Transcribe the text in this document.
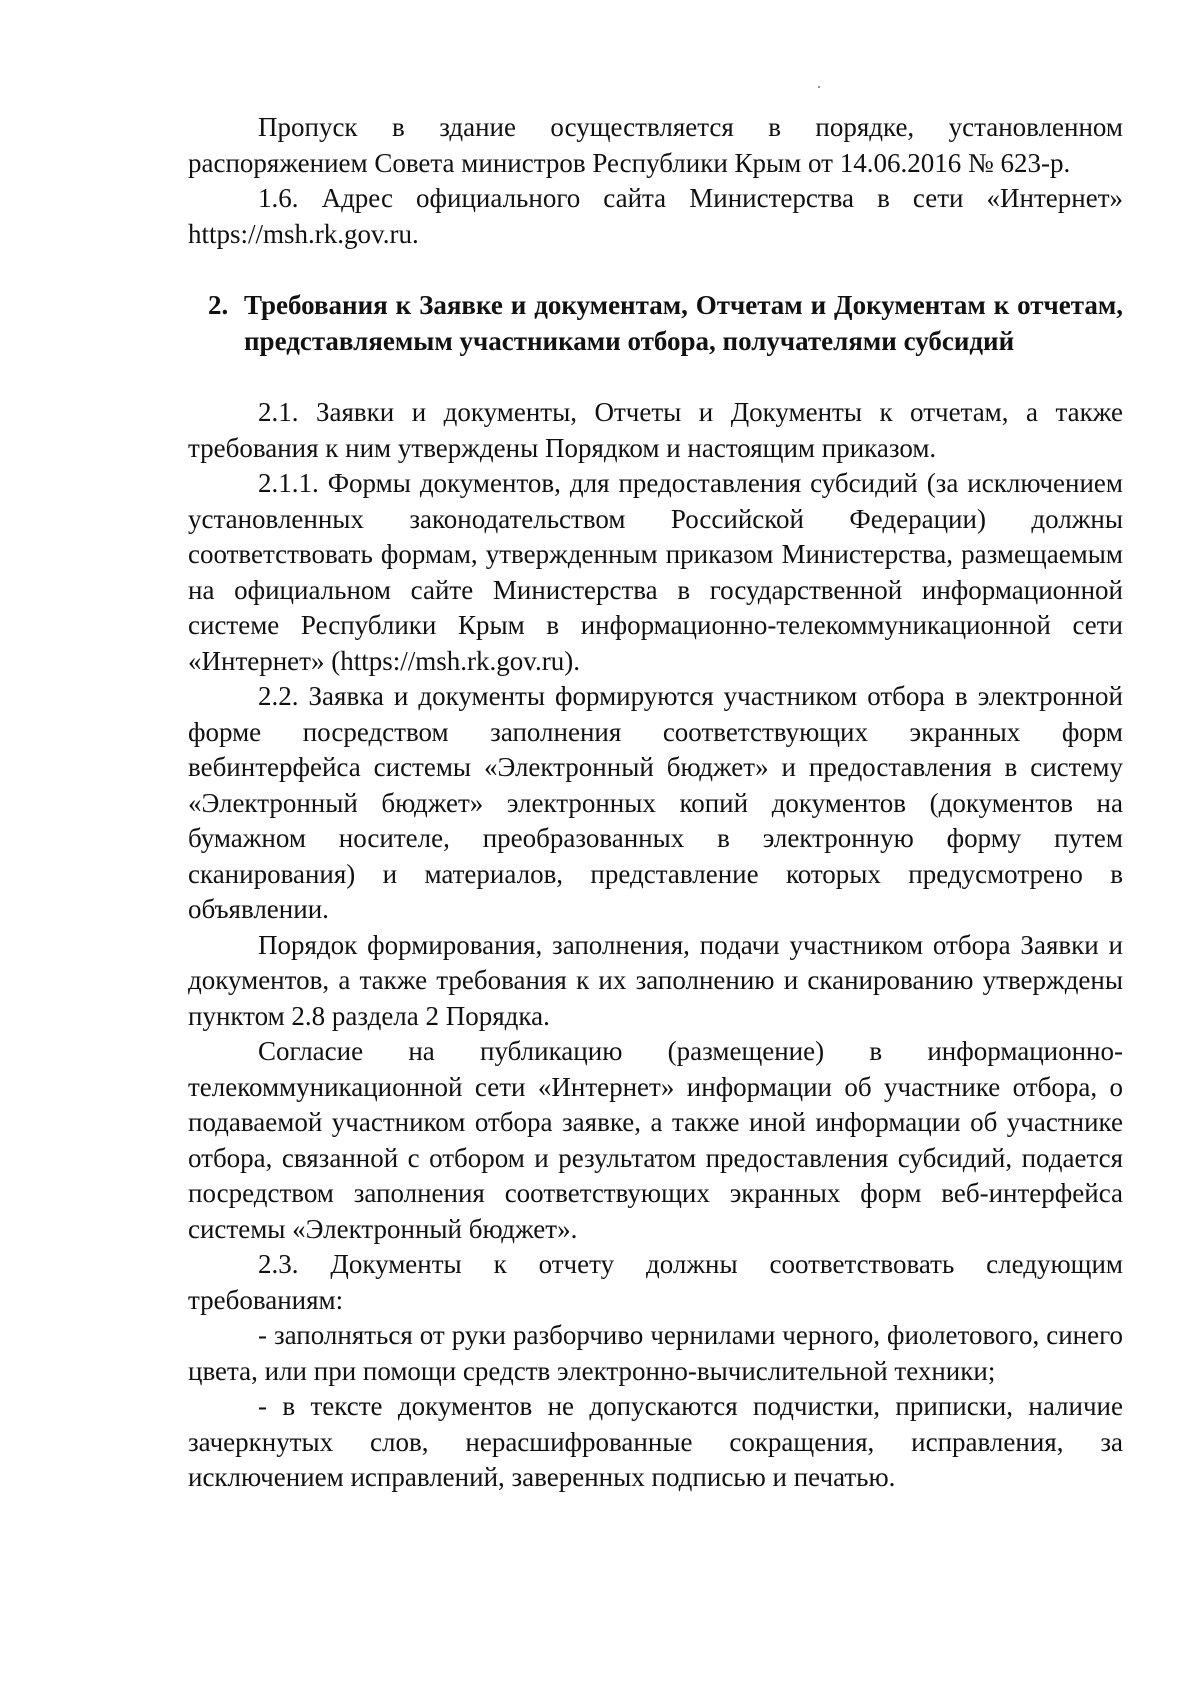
Пропуск в здание осуществляется в порядке, установленном распоряжением Совета министров Республики Крым от 14.06.2016 № 623-р.

1.6. Адрес официального сайта Министерства в сети «Интернет» https://msh.rk.gov.ru.

2. Требования к Заявке и документам, Отчетам и Документам к отчетам, представляемым участниками отбора, получателями субсидий

2.1. Заявки и документы, Отчеты и Документы к отчетам, а также требования к ним утверждены Порядком и настоящим приказом.

2.1.1. Формы документов, для предоставления субсидий (за исключением установленных законодательством Российской Федерации) должны соответствовать формам, утвержденным приказом Министерства, размещаемым на официальном сайте Министерства в государственной информационной системе Республики Крым в информационно-телекоммуникационной сети «Интернет» (https://msh.rk.gov.ru).

2.2. Заявка и документы формируются участником отбора в электронной форме посредством заполнения соответствующих экранных форм вебинтерфейса системы «Электронный бюджет» и предоставления в систему «Электронный бюджет» электронных копий документов (документов на бумажном носителе, преобразованных в электронную форму путем сканирования) и материалов, представление которых предусмотрено в объявлении.

Порядок формирования, заполнения, подачи участником отбора Заявки и документов, а также требования к их заполнению и сканированию утверждены пунктом 2.8 раздела 2 Порядка.

Согласие на публикацию (размещение) в информационно-телекоммуникационной сети «Интернет» информации об участнике отбора, о подаваемой участником отбора заявке, а также иной информации об участнике отбора, связанной с отбором и результатом предоставления субсидий, подается посредством заполнения соответствующих экранных форм веб-интерфейса системы «Электронный бюджет».

2.3. Документы к отчету должны соответствовать следующим требованиям:

- заполняться от руки разборчиво чернилами черного, фиолетового, синего цвета, или при помощи средств электронно-вычислительной техники;

- в тексте документов не допускаются подчистки, приписки, наличие зачеркнутых слов, нерасшифрованные сокращения, исправления, за исключением исправлений, заверенных подписью и печатью.
